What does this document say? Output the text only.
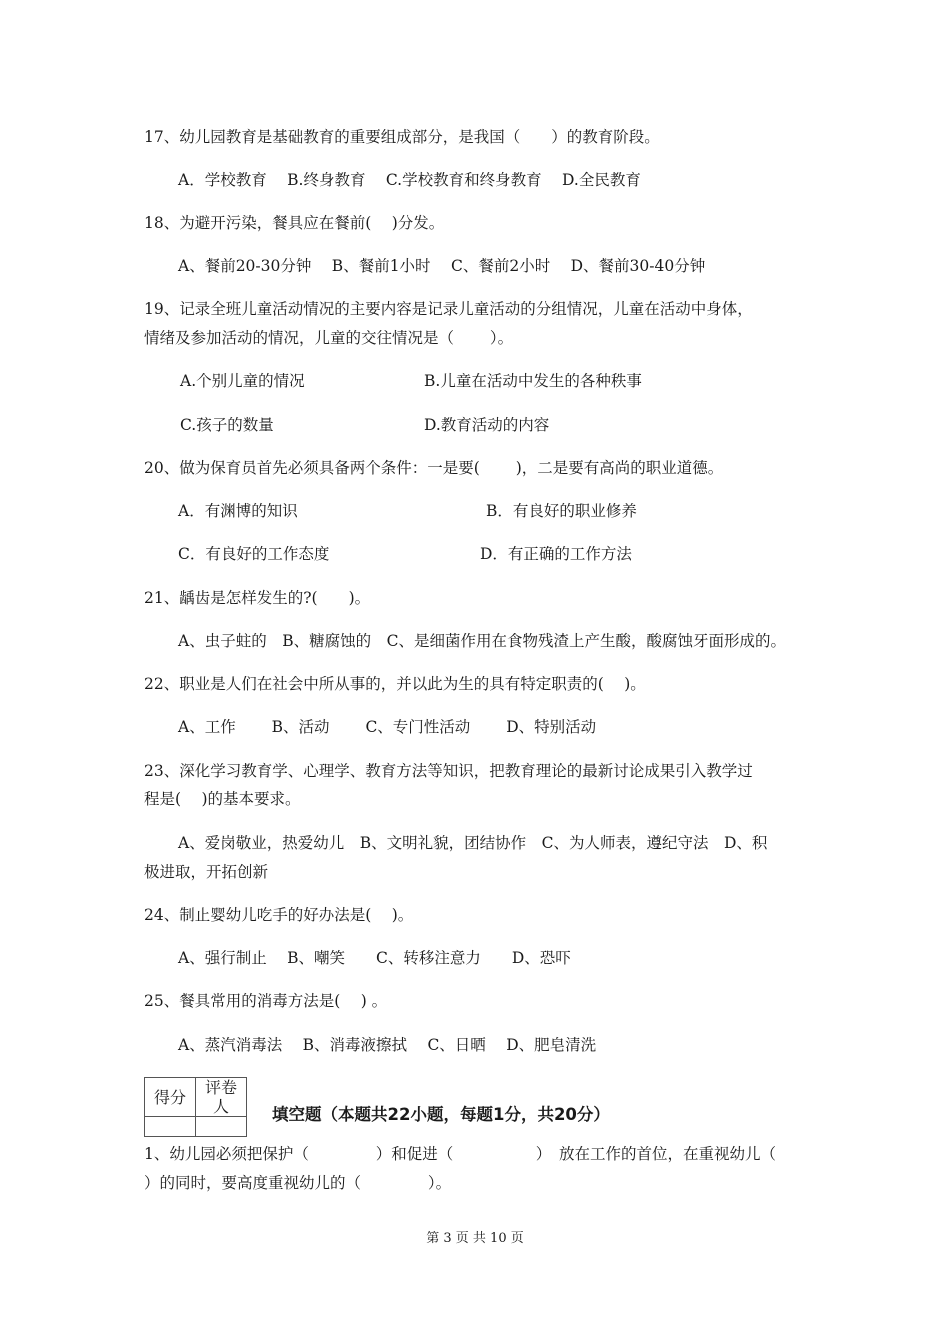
17、幼儿园教育是基础教育的重要组成部分，是我国（　　）的教育阶段。
A．学校教育　 B.终身教育　 C.学校教育和终身教育　 D.全民教育
18、为避开污染，餐具应在餐前(　 )分发。
A、餐前20-30分钟　 B、餐前1小时　 C、餐前2小时　 D、餐前30-40分钟
19、记录全班儿童活动情况的主要内容是记录儿童活动的分组情况，儿童在活动中身体，
情绪及参加活动的情况，儿童的交往情况是（　　 ）。
A.个别儿童的情况	B.儿童在活动中发生的各种秩事
C.孩子的数量	D.教育活动的内容
20、做为保育员首先必须具备两个条件：一是要(　　 )，二是要有高尚的职业道德。
A．有渊博的知识	B．有良好的职业修养
C．有良好的工作态度	D．有正确的工作方法
21、龋齿是怎样发生的?(　　)。
A、虫子蛀的　B、糖腐蚀的　C、是细菌作用在食物残渣上产生酸，酸腐蚀牙面形成的。
22、职业是人们在社会中所从事的，并以此为生的具有特定职责的(　 )。
A、工作　　 B、活动　　 C、专门性活动　　 D、特别活动
23、深化学习教育学、心理学、教育方法等知识，把教育理论的最新讨论成果引入教学过
程是(　 )的基本要求。
A、爱岗敬业，热爱幼儿　B、文明礼貌，团结协作　C、为人师表，遵纪守法　D、积
极进取，开拓创新
24、制止婴幼儿吃手的好办法是(　 )。
A、强行制止　 B、嘲笑　　C、转移注意力　　D、恐吓
25、餐具常用的消毒方法是(　 ) 。
A、蒸汽消毒法　 B、消毒液擦拭　 C、日晒　 D、肥皂清洗
得分	评卷人
		填空题（本题共22小题，每题1分，共20分）
1、幼儿园必须把保护（　　　　 ）和促进（　　　　　 ）　放在工作的首位，在重视幼儿（
）的同时，要高度重视幼儿的（　　　　 ）。
第 3 页 共 10 页
